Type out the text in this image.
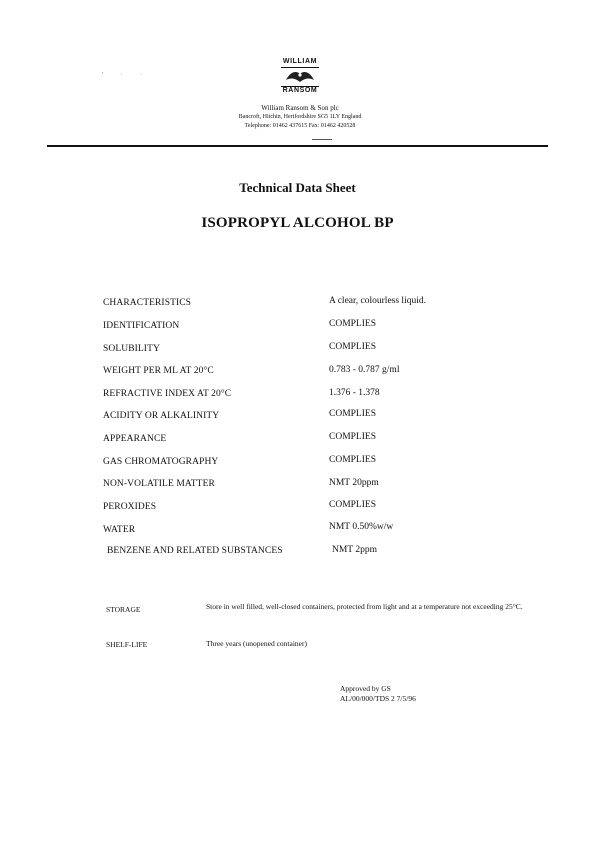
' · ·
WILLIAM
RANSOM
William Ransom & Son plc
Bancroft, Hitchin, Hertfordshire SG5 1LY England
Telephone: 01462 437615 Fax: 01462 420528
Technical Data Sheet
ISOPROPYL ALCOHOL BP
CHARACTERISTICS	A clear, colourless liquid.
IDENTIFICATION	COMPLIES
SOLUBILITY	COMPLIES
WEIGHT PER ML AT 20°C	0.783 - 0.787 g/ml
REFRACTIVE INDEX AT 20°C	1.376 - 1.378
ACIDITY OR ALKALINITY	COMPLIES
APPEARANCE	COMPLIES
GAS CHROMATOGRAPHY	COMPLIES
NON-VOLATILE MATTER	NMT 20ppm
PEROXIDES	COMPLIES
WATER	NMT 0.50%w/w
BENZENE AND RELATED SUBSTANCES	NMT 2ppm
STORAGE	Store in well filled, well-closed containers, protected from light and at a temperature not exceeding 25°C.
SHELF-LIFE	Three years (unopened container)
Approved by GS
AL/00/000/TDS 2 7/5/96
